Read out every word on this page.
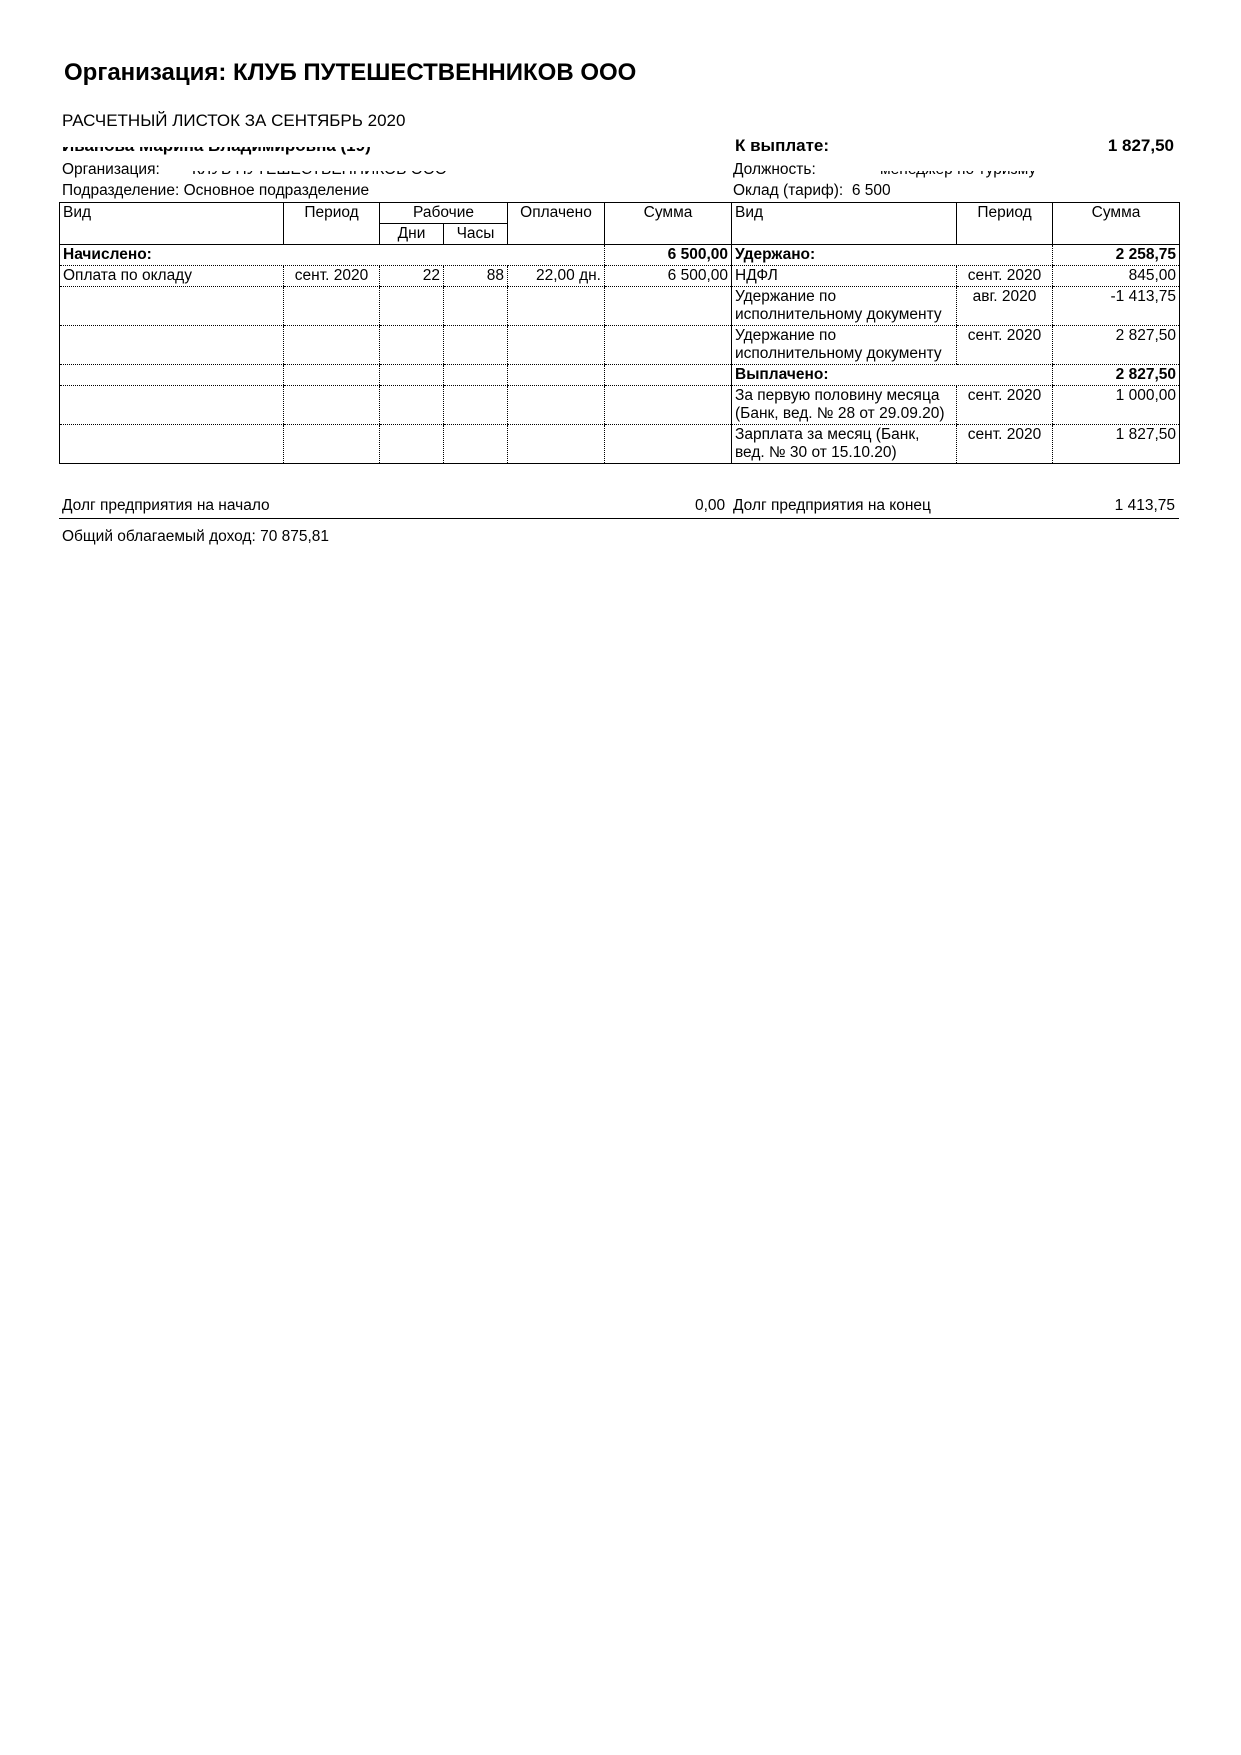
Организация: КЛУБ ПУТЕШЕСТВЕННИКОВ ООО
РАСЧЕТНЫЙ ЛИСТОК ЗА СЕНТЯБРЬ 2020
К выплате:	1 827,50
Организация:	Должность:
Подразделение: Основное подразделение	Оклад (тариф): 6 500
Вид	Период	Рабочие		Оплачено	Сумма	Вид	Период	Сумма
		Дни	Часы					
Начислено:					6 500,00	Удержано:		2 258,75
Оплата по окладу	сент. 2020	22	88	22,00 дн.	6 500,00	НДФЛ	сент. 2020	845,00
						Удержание по исполнительному документу	авг. 2020	-1 413,75
						Удержание по исполнительному документу	сент. 2020	2 827,50
						Выплачено:		2 827,50
						За первую половину месяца (Банк, вед. № 28 от 29.09.20)	сент. 2020	1 000,00
						Зарплата за месяц (Банк, вед. № 30 от 15.10.20)	сент. 2020	1 827,50
Долг предприятия на начало	0,00 Долг предприятия на конец	1 413,75
Общий облагаемый доход: 70 875,81
